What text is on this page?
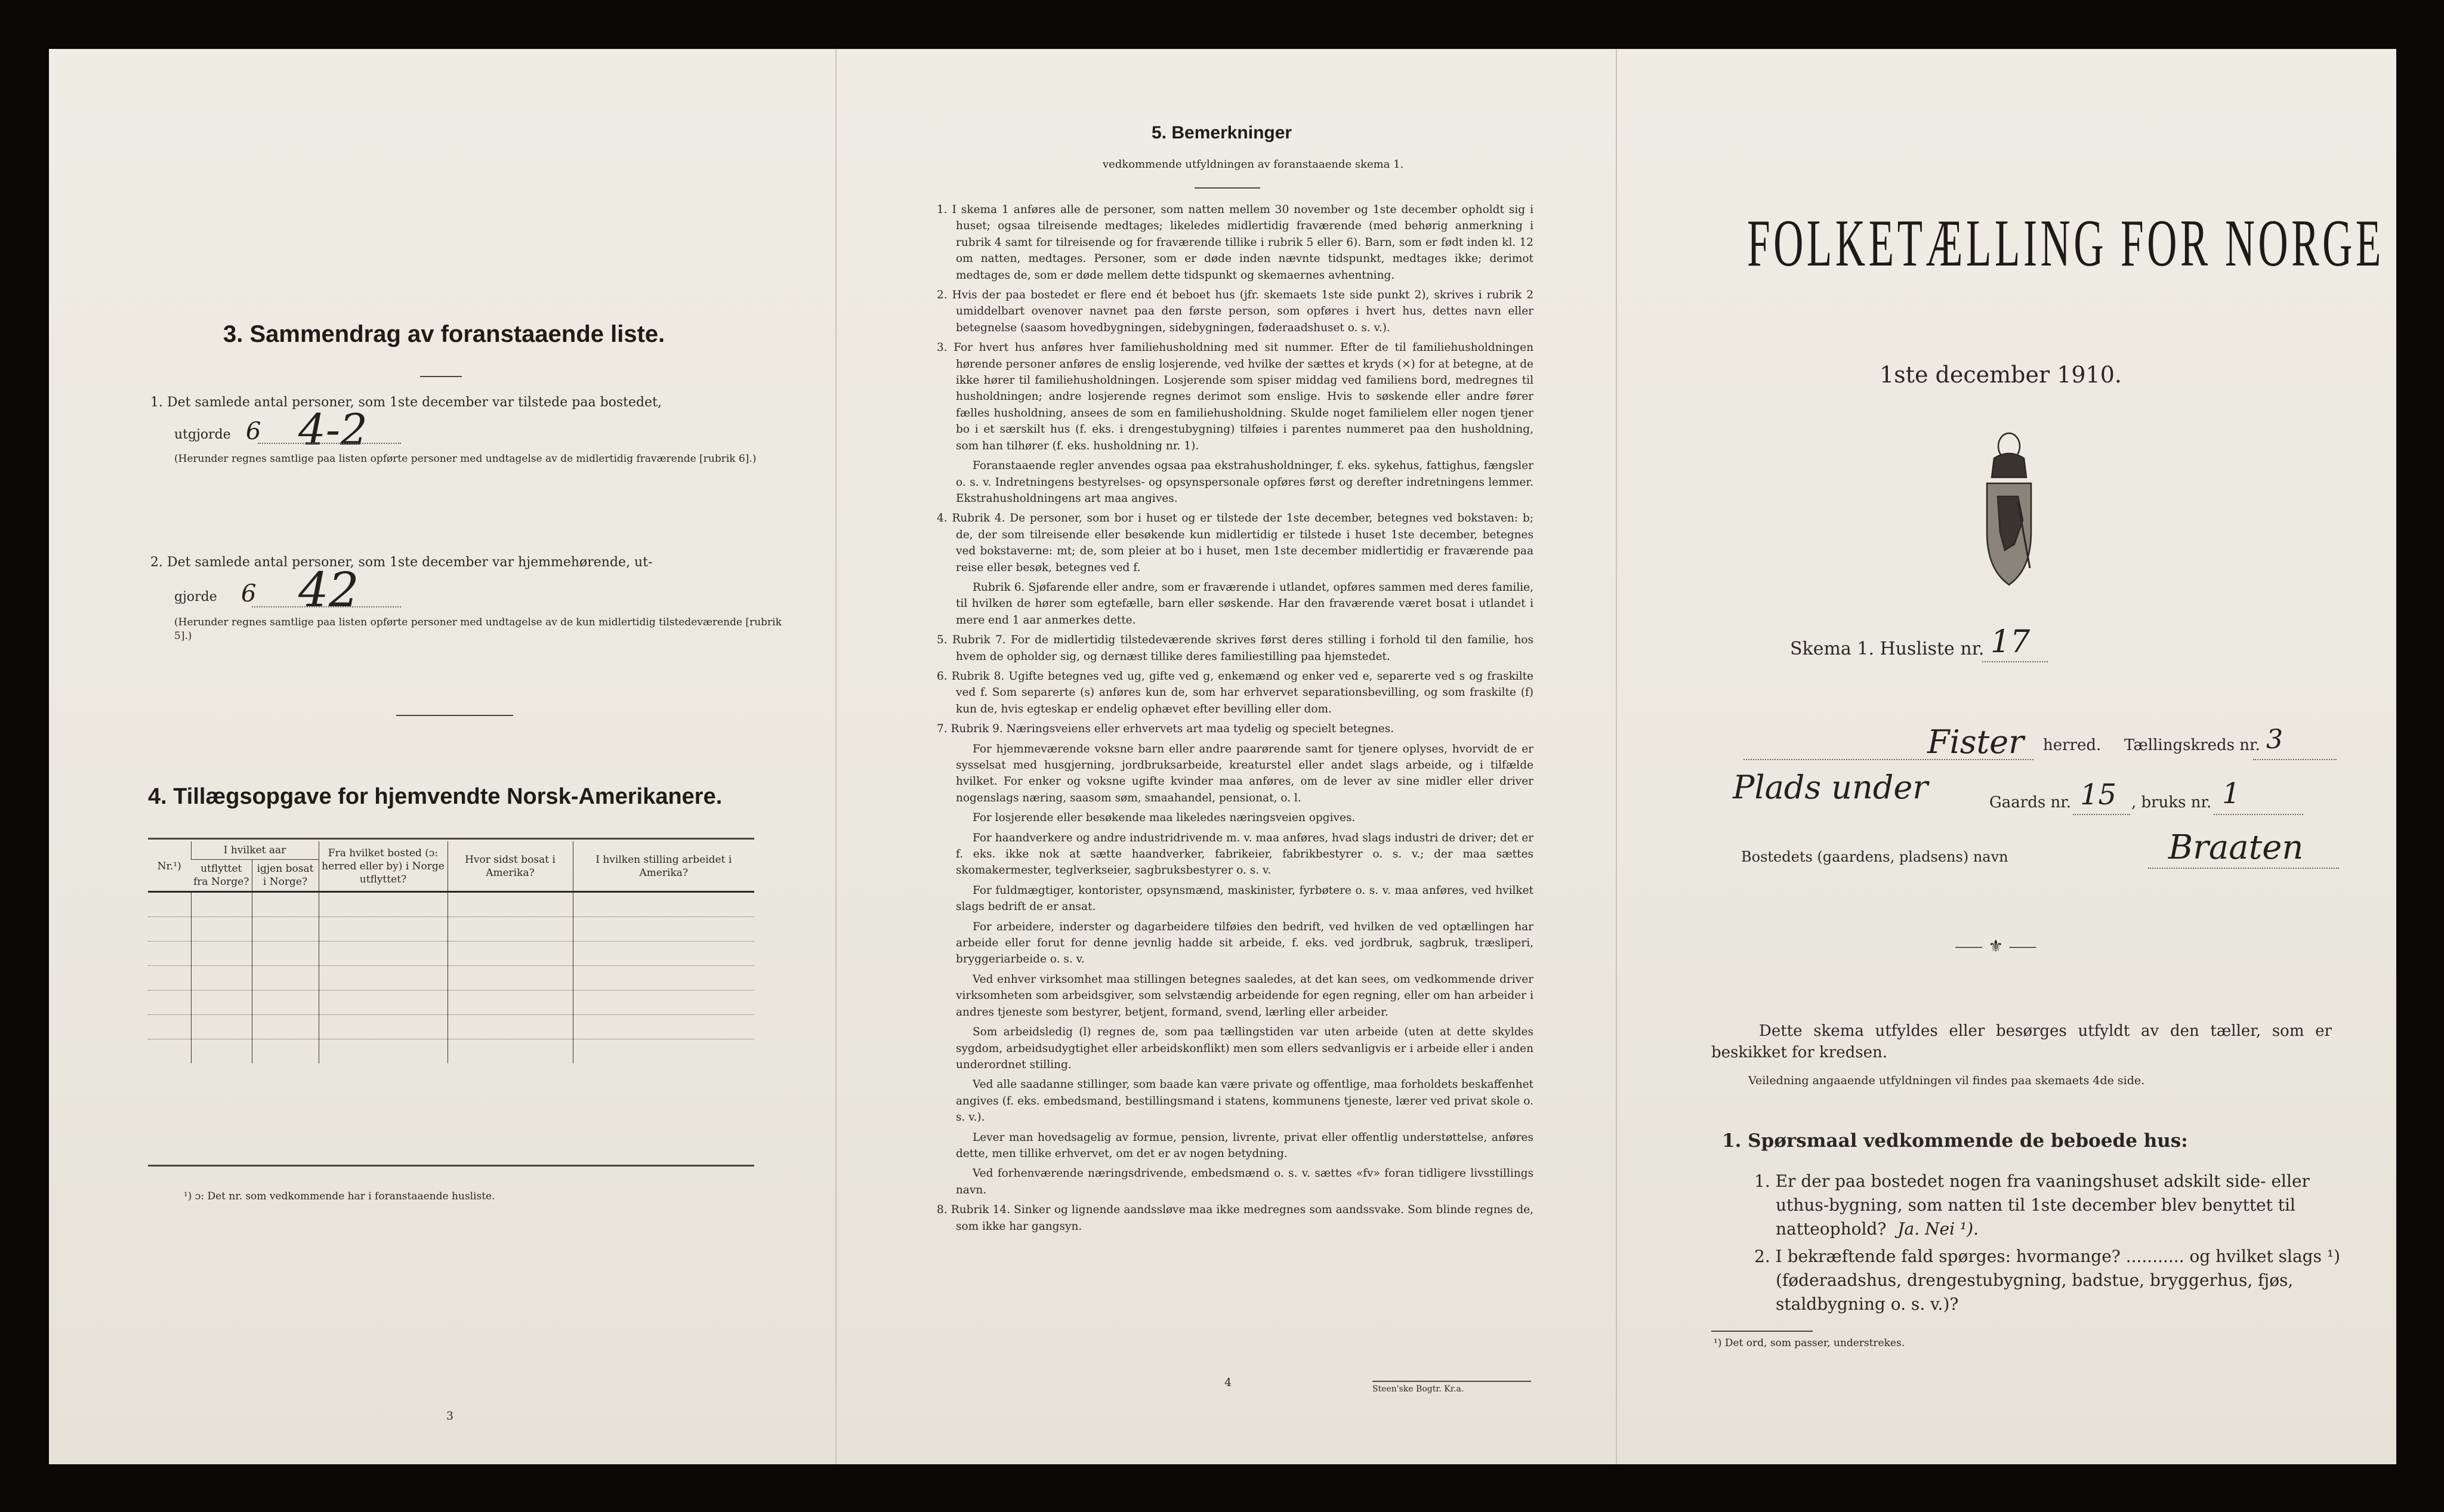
3. Sammendrag av foranstaaende liste.
1. Det samlede antal personer, som 1ste december var tilstede paa bostedet,
utgjorde 6 4-2
(Herunder regnes samtlige paa listen opførte personer med undtagelse av de midlertidig fraværende [rubrik 6].)
2. Det samlede antal personer, som 1ste december var hjemmehørende, ut-
gjorde 6 42
(Herunder regnes samtlige paa listen opførte personer med undtagelse av de kun midlertidig tilstedeværende [rubrik 5].)
4. Tillægsopgave for hjemvendte Norsk-Amerikanere.
Nr.¹)	I hvilket aar		Fra hvilket bosted (ɔ: herred eller by) i Norge utflyttet?	Hvor sidst bosat i Amerika?	I hvilken stilling arbeidet i Amerika?
	utflyttet fra Norge?	igjen bosat i Norge?			

¹) ɔ: Det nr. som vedkommende har i foranstaaende husliste.
3
5. Bemerkninger
vedkommende utfyldningen av foranstaaende skema 1.

1. I skema 1 anføres alle de personer, som natten mellem 30 november og 1ste december opholdt sig i huset; ogsaa tilreisende medtages; likeledes midlertidig fraværende (med behørig anmerkning i rubrik 4 samt for tilreisende og for fraværende tillike i rubrik 5 eller 6). Barn, som er født inden kl. 12 om natten, medtages. Personer, som er døde inden nævnte tidspunkt, medtages ikke; derimot medtages de, som er døde mellem dette tidspunkt og skemaernes avhentning.

2. Hvis der paa bostedet er flere end ét beboet hus (jfr. skemaets 1ste side punkt 2), skrives i rubrik 2 umiddelbart ovenover navnet paa den første person, som opføres i hvert hus, dettes navn eller betegnelse (saasom hovedbygningen, sidebygningen, føderaadshuset o. s. v.).

3. For hvert hus anføres hver familiehusholdning med sit nummer. Efter de til familiehusholdningen hørende personer anføres de enslig losjerende, ved hvilke der sættes et kryds (×) for at betegne, at de ikke hører til familiehusholdningen. Losjerende som spiser middag ved familiens bord, medregnes til husholdningen; andre losjerende regnes derimot som enslige. Hvis to søskende eller andre fører fælles husholdning, ansees de som en familiehusholdning. Skulde noget familielem eller nogen tjener bo i et særskilt hus (f. eks. i drengestubygning) tilføies i parentes nummeret paa den husholdning, som han tilhører (f. eks. husholdning nr. 1).

Foranstaaende regler anvendes ogsaa paa ekstrahusholdninger, f. eks. sykehus, fattighus, fængsler o. s. v. Indretningens bestyrelses- og opsynspersonale opføres først og derefter indretningens lemmer. Ekstrahusholdningens art maa angives.

4. Rubrik 4. De personer, som bor i huset og er tilstede der 1ste december, betegnes ved bokstaven: b; de, der som tilreisende eller besøkende kun midlertidig er tilstede i huset 1ste december, betegnes ved bokstaverne: mt; de, som pleier at bo i huset, men 1ste december midlertidig er fraværende paa reise eller besøk, betegnes ved f.

Rubrik 6. Sjøfarende eller andre, som er fraværende i utlandet, opføres sammen med deres familie, til hvilken de hører som egtefælle, barn eller søskende. Har den fraværende været bosat i utlandet i mere end 1 aar anmerkes dette.

5. Rubrik 7. For de midlertidig tilstedeværende skrives først deres stilling i forhold til den familie, hos hvem de opholder sig, og dernæst tillike deres familiestilling paa hjemstedet.

6. Rubrik 8. Ugifte betegnes ved ug, gifte ved g, enkemænd og enker ved e, separerte ved s og fraskilte ved f. Som separerte (s) anføres kun de, som har erhvervet separationsbevilling, og som fraskilte (f) kun de, hvis egteskap er endelig ophævet efter bevilling eller dom.

7. Rubrik 9. Næringsveiens eller erhvervets art maa tydelig og specielt betegnes.

For hjemmeværende voksne barn eller andre paarørende samt for tjenere oplyses, hvorvidt de er sysselsat med husgjerning, jordbruksarbeide, kreaturstel eller andet slags arbeide, og i tilfælde hvilket. For enker og voksne ugifte kvinder maa anføres, om de lever av sine midler eller driver nogenslags næring, saasom søm, smaahandel, pensionat, o. l.

For losjerende eller besøkende maa likeledes næringsveien opgives.

For haandverkere og andre industridrivende m. v. maa anføres, hvad slags industri de driver; det er f. eks. ikke nok at sætte haandverker, fabrikeier, fabrikbestyrer o. s. v.; der maa sættes skomakermester, teglverkseier, sagbruksbestyrer o. s. v.

For fuldmægtiger, kontorister, opsynsmænd, maskinister, fyrbøtere o. s. v. maa anføres, ved hvilket slags bedrift de er ansat.

For arbeidere, inderster og dagarbeidere tilføies den bedrift, ved hvilken de ved optællingen har arbeide eller forut for denne jevnlig hadde sit arbeide, f. eks. ved jordbruk, sagbruk, træsliperi, bryggeriarbeide o. s. v.

Ved enhver virksomhet maa stillingen betegnes saaledes, at det kan sees, om vedkommende driver virksomheten som arbeidsgiver, som selvstændig arbeidende for egen regning, eller om han arbeider i andres tjeneste som bestyrer, betjent, formand, svend, lærling eller arbeider.

Som arbeidsledig (l) regnes de, som paa tællingstiden var uten arbeide (uten at dette skyldes sygdom, arbeidsudygtighet eller arbeidskonflikt) men som ellers sedvanligvis er i arbeide eller i anden underordnet stilling.

Ved alle saadanne stillinger, som baade kan være private og offentlige, maa forholdets beskaffenhet angives (f. eks. embedsmand, bestillingsmand i statens, kommunens tjeneste, lærer ved privat skole o. s. v.).

Lever man hovedsagelig av formue, pension, livrente, privat eller offentlig understøttelse, anføres dette, men tillike erhvervet, om det er av nogen betydning.

Ved forhenværende næringsdrivende, embedsmænd o. s. v. sættes «fv» foran tidligere livsstillings navn.

8. Rubrik 14. Sinker og lignende aandssløve maa ikke medregnes som aandssvake. Som blinde regnes de, som ikke har gangsyn.

4	Steen'ske Bogtr. Kr.a.
FOLKETÆLLING FOR NORGE
1ste december 1910.
Skema 1. Husliste nr. 17
Fister herred. Tællingskreds nr. 3
Plads under	Gaards nr. 15 , bruks nr. 1
Bostedets (gaardens, pladsens) navn	Braaten
⸺ ⚜ ⸺
Dette skema utfyldes eller besørges utfyldt av den tæller, som er beskikket for kredsen.
Veiledning angaaende utfyldningen vil findes paa skemaets 4de side.
1. Spørsmaal vedkommende de beboede hus:
1. Er der paa bostedet nogen fra vaaningshuset adskilt side- eller uthus-bygning, som natten til 1ste december blev benyttet til natteophold? Ja. Nei ¹).
2. I bekræftende fald spørges: hvormange? ........... og hvilket slags ¹) (føderaadshus, drengestubygning, badstue, bryggerhus, fjøs, staldbygning o. s. v.)?
¹) Det ord, som passer, understrekes.
